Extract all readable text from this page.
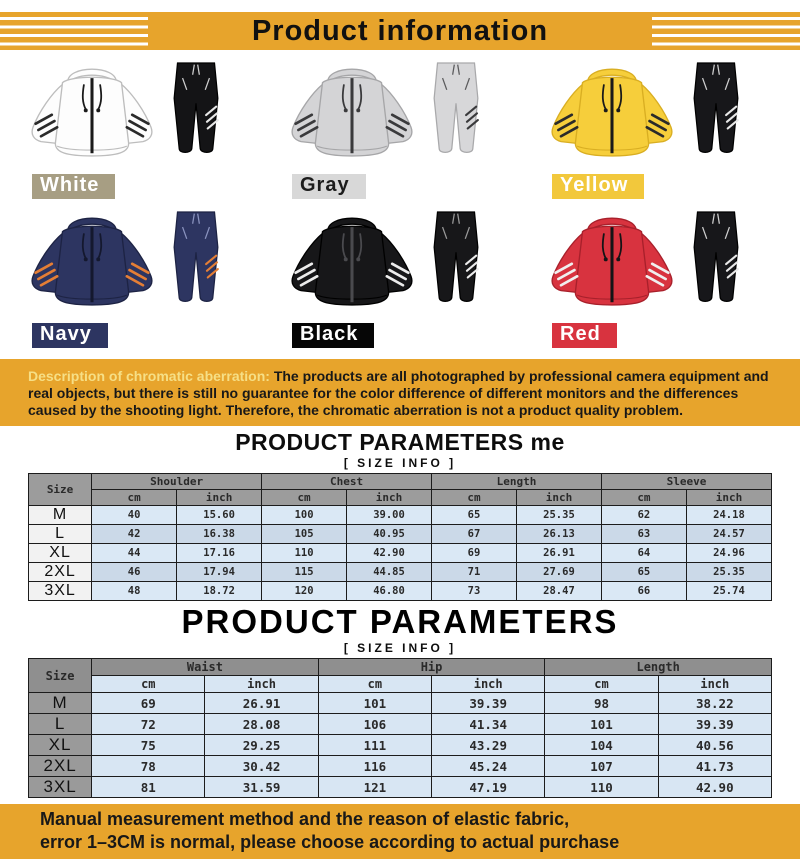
Product information
White	Gray	Yellow
Navy	Black	Red
Description of chromatic aberration: The products are all photographed by professional camera equipment and real objects, but there is still no guarantee for the color difference of different monitors and the differences caused by the shooting light. Therefore, the chromatic aberration is not a product quality problem.
PRODUCT PARAMETERS me
[ SIZE INFO ]
Size	Shoulder		Chest		Length		Sleeve	
	cm	inch	cm	inch	cm	inch	cm	inch
M	40	15.60	100	39.00	65	25.35	62	24.18
L	42	16.38	105	40.95	67	26.13	63	24.57
XL	44	17.16	110	42.90	69	26.91	64	24.96
2XL	46	17.94	115	44.85	71	27.69	65	25.35
3XL	48	18.72	120	46.80	73	28.47	66	25.74
PRODUCT PARAMETERS
[ SIZE INFO ]
Size	Waist		Hip		Length	
	cm	inch	cm	inch	cm	inch
M	69	26.91	101	39.39	98	38.22
L	72	28.08	106	41.34	101	39.39
XL	75	29.25	111	43.29	104	40.56
2XL	78	30.42	116	45.24	107	41.73
3XL	81	31.59	121	47.19	110	42.90
Manual measurement method and the reason of elastic fabric,
error 1–3CM is normal, please choose according to actual purchase
